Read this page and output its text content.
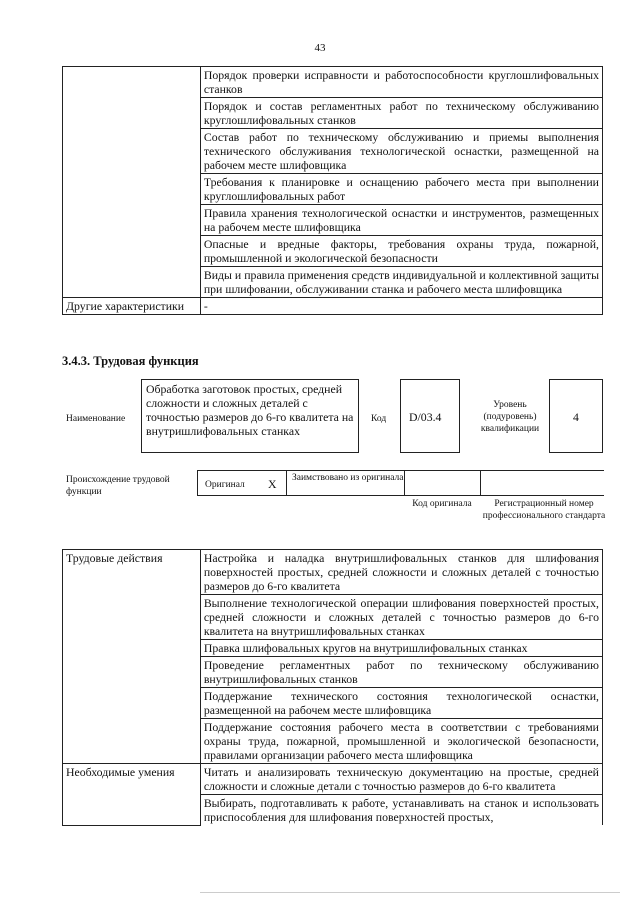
43
	Порядок проверки исправности и работоспособности круглошлифовальных станков
	Порядок и состав регламентных работ по техническому обслуживанию круглошлифовальных станков
	Состав работ по техническому обслуживанию и приемы выполнения технического обслуживания технологической оснастки, размещенной на рабочем месте шлифовщика
	Требования к планировке и оснащению рабочего места при выполнении круглошлифовальных работ
	Правила хранения технологической оснастки и инструментов, размещенных на рабочем месте шлифовщика
	Опасные и вредные факторы, требования охраны труда, пожарной, промышленной и экологической безопасности
	Виды и правила применения средств индивидуальной и коллективной защиты при шлифовании, обслуживании станка и рабочего места шлифовщика
Другие характеристики	-
3.4.3. Трудовая функция
Наименование
Обработка заготовок простых, средней сложности и сложных деталей с точностью размеров до 6-го квалитета на внутришлифовальных станках
Код	D/03.4
Уровень (подуровень) квалификации
4
Происхождение трудовой функции
Оригинал X Заимствовано из оригинала
Код оригинала	Регистрационный номер профессионального стандарта
Трудовые действия	Настройка и наладка внутришлифовальных станков для шлифования поверхностей простых, средней сложности и сложных деталей с точностью размеров до 6-го квалитета
	Выполнение технологической операции шлифования поверхностей простых, средней сложности и сложных деталей с точностью размеров до 6-го квалитета на внутришлифовальных станках
	Правка шлифовальных кругов на внутришлифовальных станках
	Проведение регламентных работ по техническому обслуживанию внутришлифовальных станков
	Поддержание технического состояния технологической оснастки, размещенной на рабочем месте шлифовщика
	Поддержание состояния рабочего места в соответствии с требованиями охраны труда, пожарной, промышленной и экологической безопасности, правилами организации рабочего места шлифовщика
Необходимые умения	Читать и анализировать техническую документацию на простые, средней сложности и сложные детали с точностью размеров до 6-го квалитета
	Выбирать, подготавливать к работе, устанавливать на станок и использовать приспособления для шлифования поверхностей простых,
